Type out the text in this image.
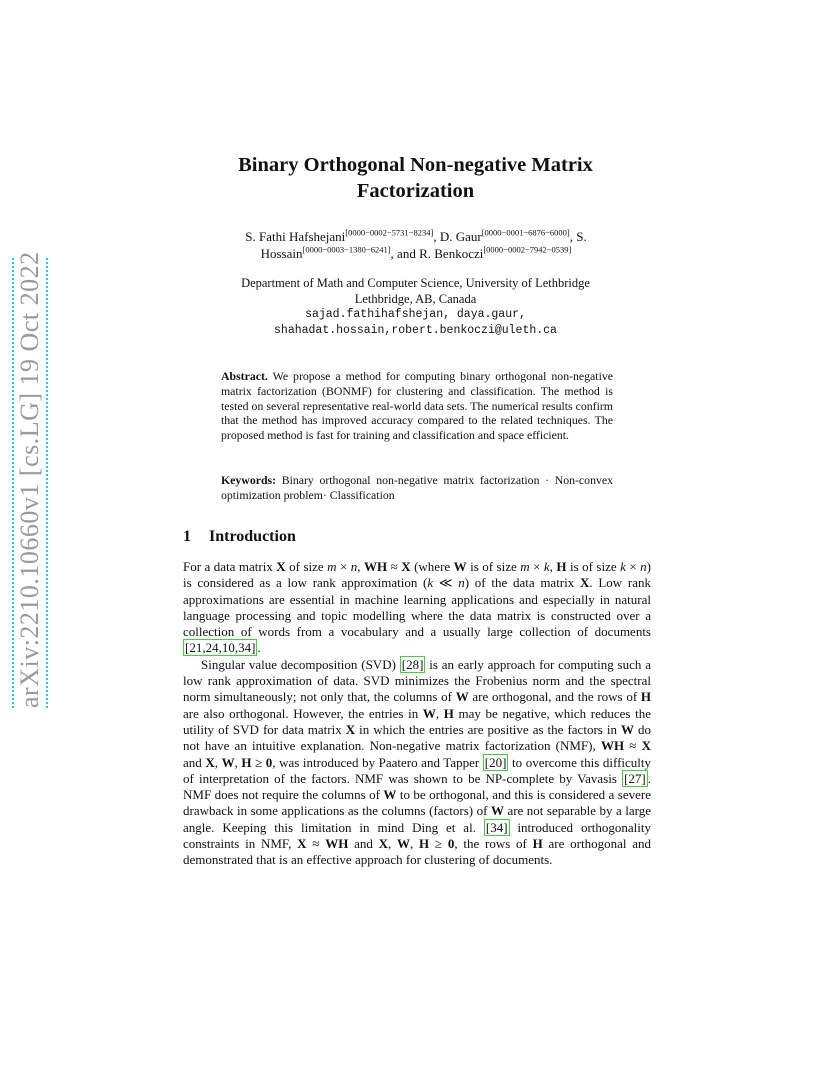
arXiv:2210.10660v1 [cs.LG] 19 Oct 2022
Binary Orthogonal Non-negative Matrix Factorization
S. Fathi Hafshejani[0000−0002−5731−8234], D. Gaur[0000−0001−6876−6000], S. Hossain[0000−0003−1380−6241], and R. Benkoczi[0000−0002−7942−0539]
Department of Math and Computer Science, University of Lethbridge
Lethbridge, AB, Canada
sajad.fathihafshejan, daya.gaur,
shahadat.hossain,robert.benkoczi@uleth.ca
Abstract. We propose a method for computing binary orthogonal non-negative matrix factorization (BONMF) for clustering and classification. The method is tested on several representative real-world data sets. The numerical results confirm that the method has improved accuracy compared to the related techniques. The proposed method is fast for training and classification and space efficient.
Keywords: Binary orthogonal non-negative matrix factorization · Non-convex optimization problem· Classification
1 Introduction

For a data matrix X of size m × n, WH ≈ X (where W is of size m × k, H is of size k × n) is considered as a low rank approximation (k ≪ n) of the data matrix X. Low rank approximations are essential in machine learning applications and especially in natural language processing and topic modelling where the data matrix is constructed over a collection of words from a vocabulary and a usually large collection of documents [21,24,10,34] .

Singular value decomposition (SVD) [28] is an early approach for computing such a low rank approximation of data. SVD minimizes the Frobenius norm and the spectral norm simultaneously; not only that, the columns of W are orthogonal, and the rows of H are also orthogonal. However, the entries in W, H may be negative, which reduces the utility of SVD for data matrix X in which the entries are positive as the factors in W do not have an intuitive explanation. Non-negative matrix factorization (NMF), WH ≈ X and X, W, H ≥ 0, was introduced by Paatero and Tapper [20] to overcome this difficulty of interpretation of the factors. NMF was shown to be NP-complete by Vavasis [27] . NMF does not require the columns of W to be orthogonal, and this is considered a severe drawback in some applications as the columns (factors) of W are not separable by a large angle. Keeping this limitation in mind Ding et al. [34] introduced orthogonality constraints in NMF, X ≈ WH and X, W, H ≥ 0, the rows of H are orthogonal and demonstrated that is an effective approach for clustering of documents.
